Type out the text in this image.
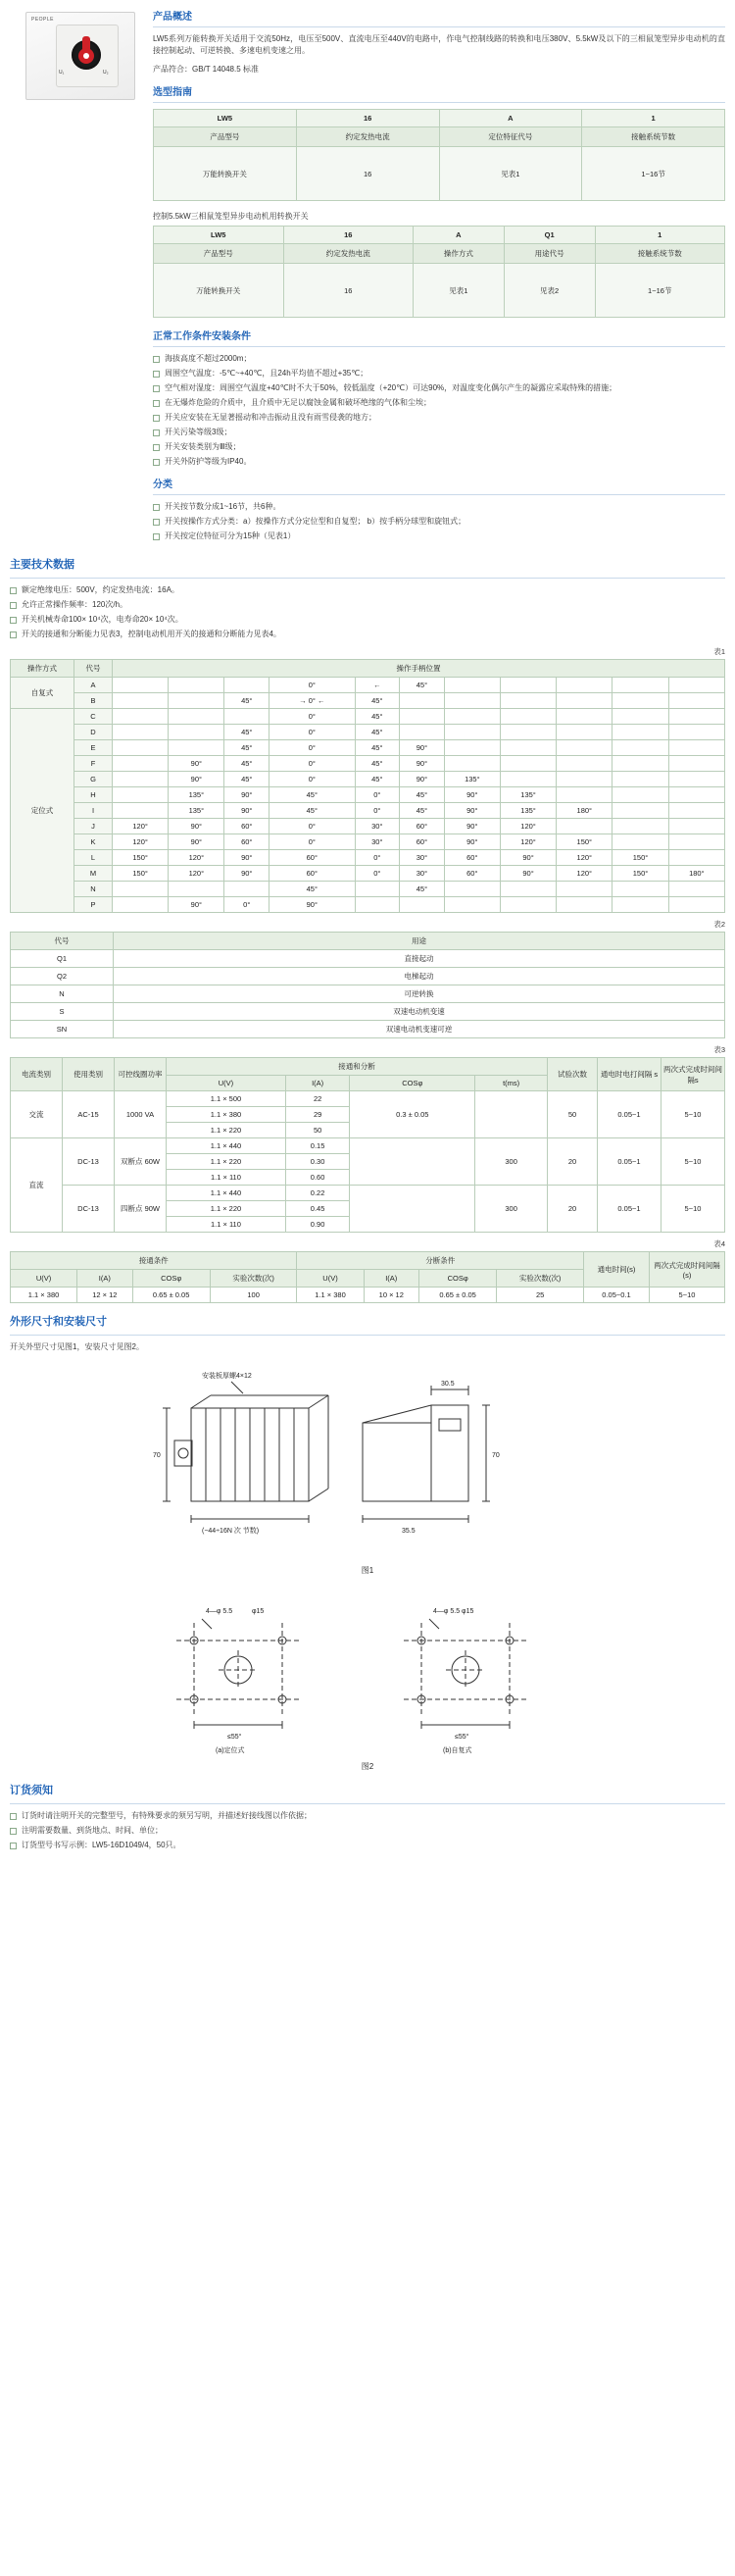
PEOPLE
U₁	U₂
产品概述

LW5系列万能转换开关适用于交流50Hz，电压至500V、直流电压至440V的电路中，作电气控制线路的转换和电压380V、5.5kW及以下的三相鼠笼型异步电动机的直接控制起动、可逆转换、多速电机变速之用。

产品符合：GB/T 14048.5 标准

选型指南
LW5	16	A	1
产品型号	约定发热电流	定位特征代号	接触系统节数
万能转换开关	16	见表1	1~16节
控制5.5kW三相鼠笼型异步电动机用转换开关
LW5	16	A	Q1	1
产品型号	约定发热电流	操作方式	用途代号	接触系统节数
万能转换开关	16	见表1	见表2	1~16节
正常工作条件安装条件
海拔高度不超过2000m；
周围空气温度：-5℃~+40℃，且24h平均值不超过+35℃；
空气相对湿度：周围空气温度+40℃时不大于50%，较低温度（+20℃）可达90%，对温度变化偶尔产生的凝露应采取特殊的措施；
在无爆炸危险的介质中，且介质中无足以腐蚀金属和破坏绝缘的气体和尘埃；
开关应安装在无显著摇动和冲击振动且没有雨雪侵袭的地方；
开关污染等级3级；
开关安装类别为Ⅲ级；
开关外防护等级为IP40。
分类
开关按节数分成1~16节，共6种。
开关按操作方式分类：a）按操作方式分定位型和自复型； b）按手柄分球型和旋钮式；
开关按定位特征可分为15种（见表1）
主要技术数据
额定绝缘电压：500V，约定发热电流：16A。
允许正常操作频率：120次/h。
开关机械寿命100× 10⁴次，电寿命20× 10⁴次。
开关的接通和分断能力见表3，控制电动机用开关的接通和分断能力见表4。
表1
操作方式	代号	操作手柄位置										
自复式	A				0°	←	45°					
	B			45°	→ 0° ←	45°						
定位式	C				0°	45°						
	D			45°	0°	45°						
	E			45°	0°	45°	90°					
	F		90°	45°	0°	45°	90°					
	G		90°	45°	0°	45°	90°	135°				
	H		135°	90°	45°	0°	45°	90°	135°			
	I		135°	90°	45°	0°	45°	90°	135°	180°		
	J	120°	90°	60°	0°	30°	60°	90°	120°			
	K	120°	90°	60°	0°	30°	60°	90°	120°	150°		
	L	150°	120°	90°	60°	0°	30°	60°	90°	120°	150°	
	M	150°	120°	90°	60°	0°	30°	60°	90°	120°	150°	180°
	N				45°		45°					
	P		90°	0°	90°							
表2
代号	用途
Q1	直接起动
Q2	电梯起动
N	可逆转换
S	双速电动机变速
SN	双速电动机变速可逆
表3
电流类别	使用类别	可控线圈功率	接通和分断				试验次数	通电时电打间隔 s	两次式完成时间间隔s
			U(V)	I(A)	COSφ	t(ms)			
交流	AC-15	1000 VA	1.1 × 500	22	0.3 ± 0.05		50	0.05~1	5~10
			1.1 × 380	29					
			1.1 × 220	50					
直流	DC-13	双断点 60W	1.1 × 440	0.15		300	20	0.05~1	5~10
			1.1 × 220	0.30					
			1.1 × 110	0.60					
	DC-13	四断点 90W	1.1 × 440	0.22		300	20	0.05~1	5~10
			1.1 × 220	0.45					
			1.1 × 110	0.90					
表4
接通条件				分断条件				通电时间(s)	两次式完成时间间隔(s)
U(V)	I(A)	COSφ	实验次数(次)	U(V)	I(A)	COSφ	实验次数(次)		
1.1 × 380	12 × 12	0.65 ± 0.05	100	1.1 × 380	10 × 12	0.65 ± 0.05	25	0.05~0.1	5~10
外形尺寸和安装尺寸

开关外型尺寸见图1，安装尺寸见图2。

安装板厚螺4×12
30.5
70	70
(−44÷16N 次 节数)	35.5
图1
4—φ 5.5	φ15	4—φ 5.5 φ15
≤55°	≤55°
(a)定位式	(b)自复式
图2
订货须知
订货时请注明开关的完整型号，有特殊要求的须另写明，并描述好接线图以作依据；
注明需要数量、到货地点、时间、单位；
订货型号书写示例：LW5-16D1049/4，50只。
